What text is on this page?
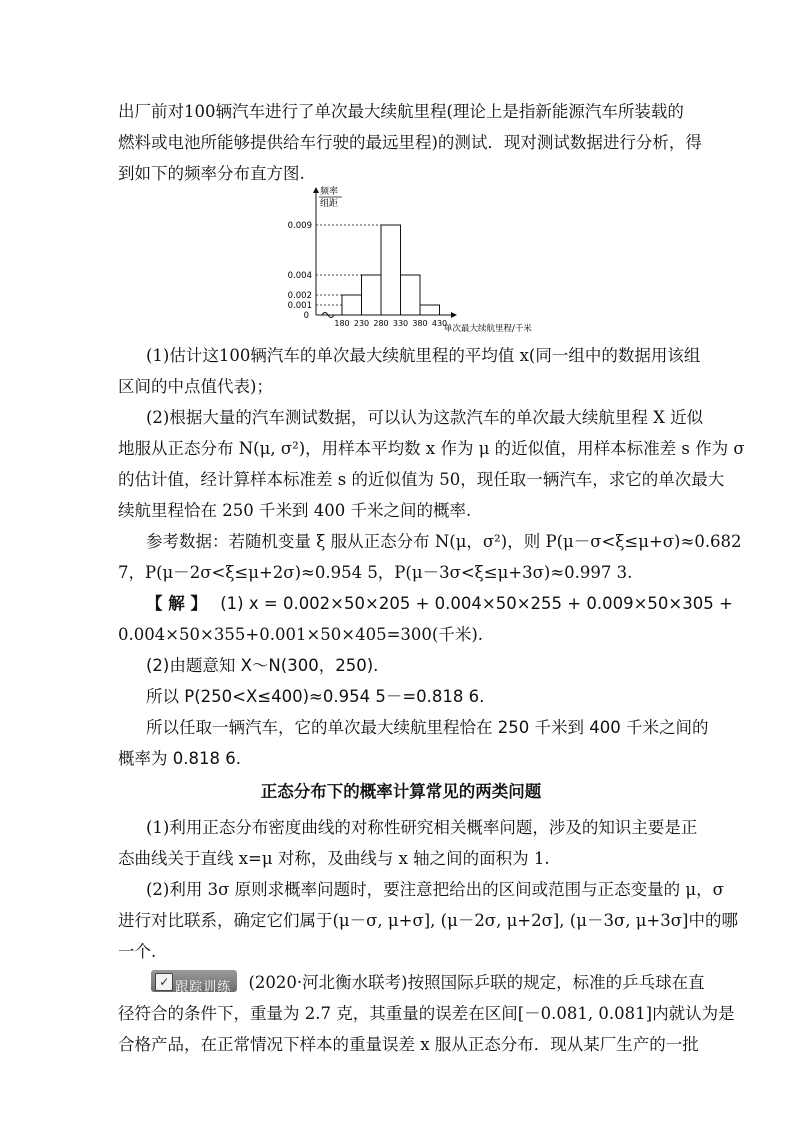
出厂前对100辆汽车进行了单次最大续航里程(理论上是指新能源汽车所装载的
燃料或电池所能够提供给车行驶的最远里程)的测试．现对测试数据进行分析，得
到如下的频率分布直方图.
频率
组距
单次最大续航里程/千米
0
0.001
0.002
0.004
0.009
180 230 280 330 380 430
(1)估计这100辆汽车的单次最大续航里程的平均值 x(同一组中的数据用该组
区间的中点值代表)；
(2)根据大量的汽车测试数据，可以认为这款汽车的单次最大续航里程 X 近似
地服从正态分布 N(μ, σ²)，用样本平均数 x 作为 μ 的近似值，用样本标准差 s 作为 σ
的估计值，经计算样本标准差 s 的近似值为 50，现任取一辆汽车，求它的单次最大
续航里程恰在 250 千米到 400 千米之间的概率.
参考数据：若随机变量 ξ 服从正态分布 N(μ，σ²)，则 P(μ－σ<ξ≤μ+σ)≈0.682
7，P(μ－2σ<ξ≤μ+2σ)≈0.954 5，P(μ－3σ<ξ≤μ+3σ)≈0.997 3.
【 解 】 (1) x = 0.002×50×205 + 0.004×50×255 + 0.009×50×305 +
0.004×50×355+0.001×50×405=300(千米).
(2)由题意知 X～N(300，250).
所以 P(250<X≤400)≈0.954 5－=0.818 6.
所以任取一辆汽车，它的单次最大续航里程恰在 250 千米到 400 千米之间的
概率为 0.818 6.
正态分布下的概率计算常见的两类问题
(1)利用正态分布密度曲线的对称性研究相关概率问题，涉及的知识主要是正
态曲线关于直线 x=μ 对称，及曲线与 x 轴之间的面积为 1.
(2)利用 3σ 原则求概率问题时，要注意把给出的区间或范围与正态变量的 μ，σ
进行对比联系，确定它们属于(μ－σ, μ+σ], (μ－2σ, μ+2σ], (μ－3σ, μ+3σ]中的哪
一个.

✓ 跟踪训练 (2020·河北衡水联考)按照国际乒联的规定，标准的乒乓球在直
径符合的条件下，重量为 2.7 克，其重量的误差在区间[－0.081, 0.081]内就认为是
合格产品，在正常情况下样本的重量误差 x 服从正态分布．现从某厂生产的一批
